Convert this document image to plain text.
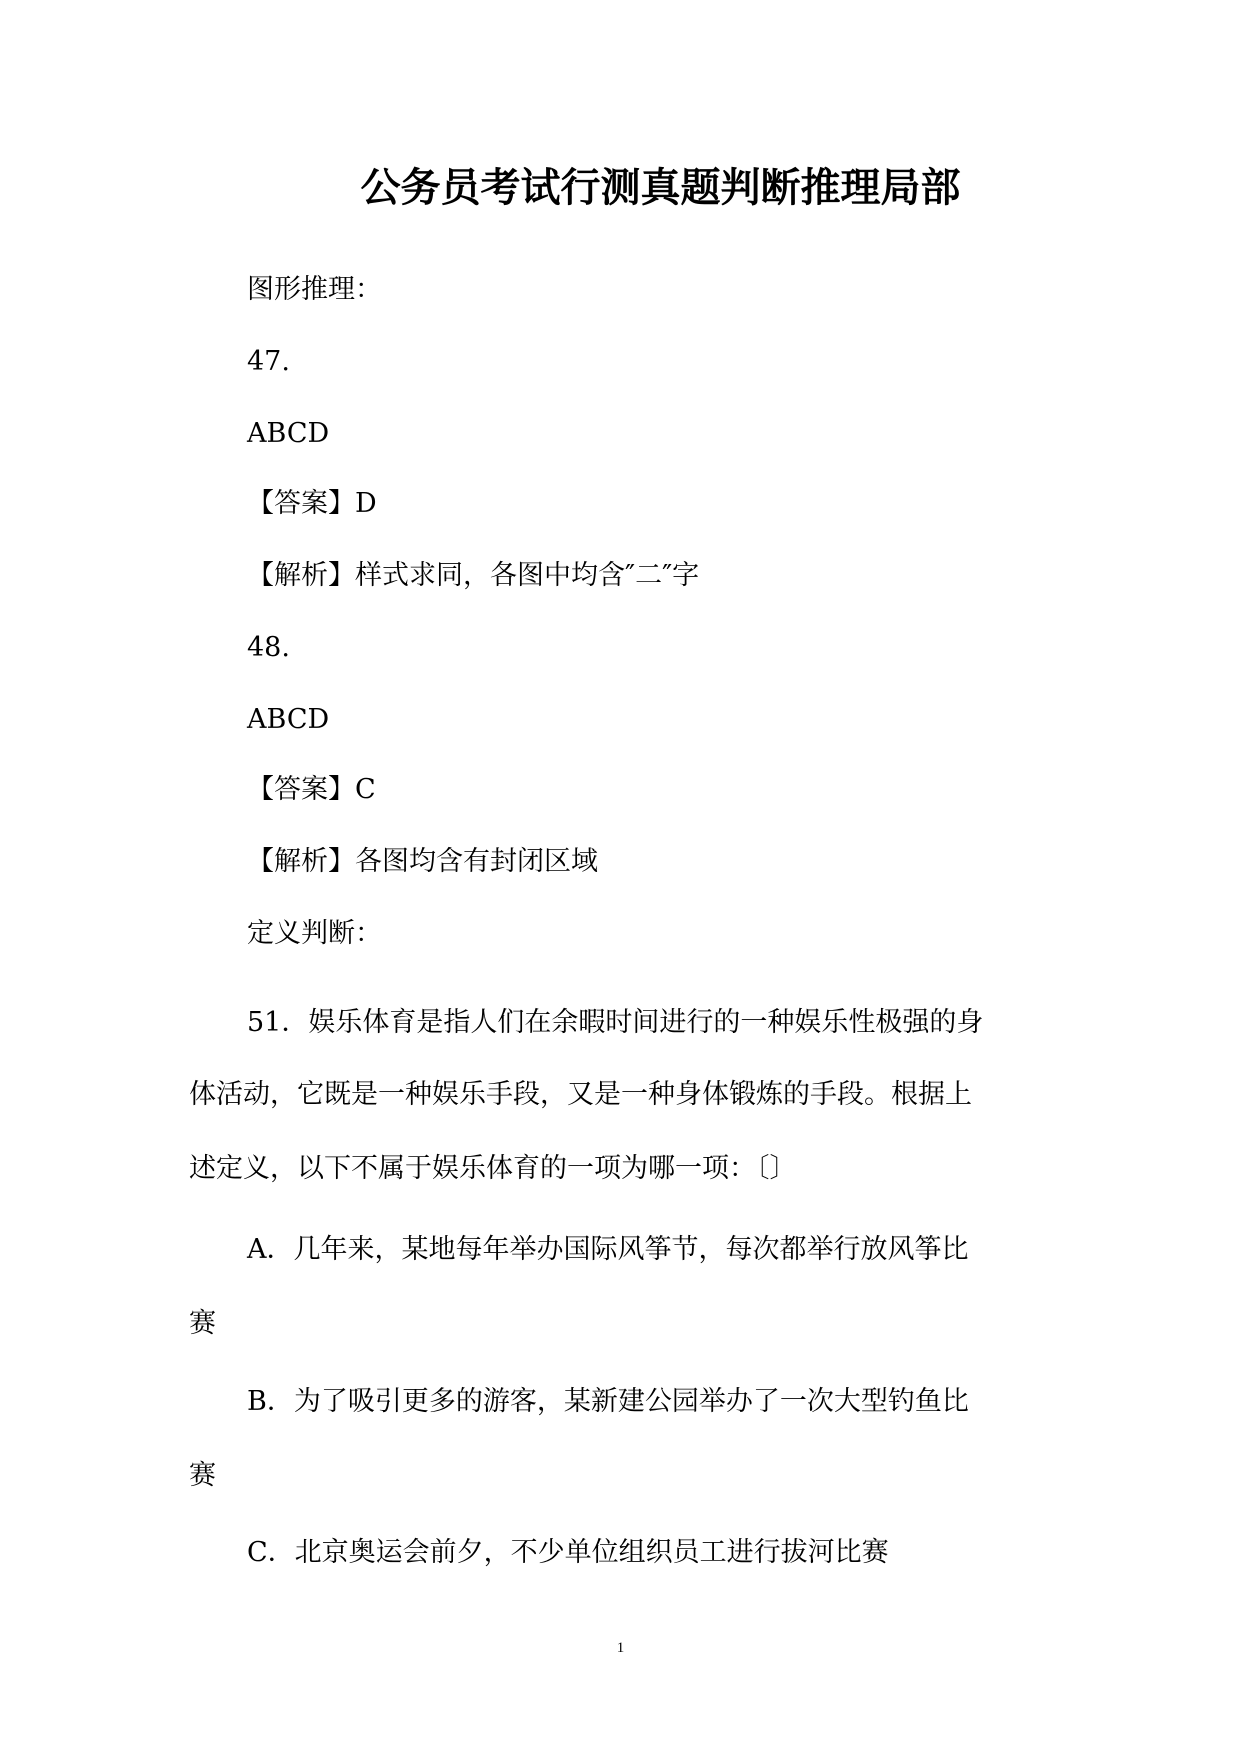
公务员考试行测真题判断推理局部
图形推理：
47.
ABCD
【答案】D
【解析】样式求同，各图中均含″二″字
48.
ABCD
【答案】C
【解析】各图均含有封闭区域
定义判断：
51．娱乐体育是指人们在余暇时间进行的一种娱乐性极强的身
体活动，它既是一种娱乐手段，又是一种身体锻炼的手段。根据上
述定义，以下不属于娱乐体育的一项为哪一项：〔〕
A．几年来，某地每年举办国际风筝节，每次都举行放风筝比
赛
B．为了吸引更多的游客，某新建公园举办了一次大型钓鱼比
赛
C．北京奥运会前夕，不少单位组织员工进行拔河比赛
1
